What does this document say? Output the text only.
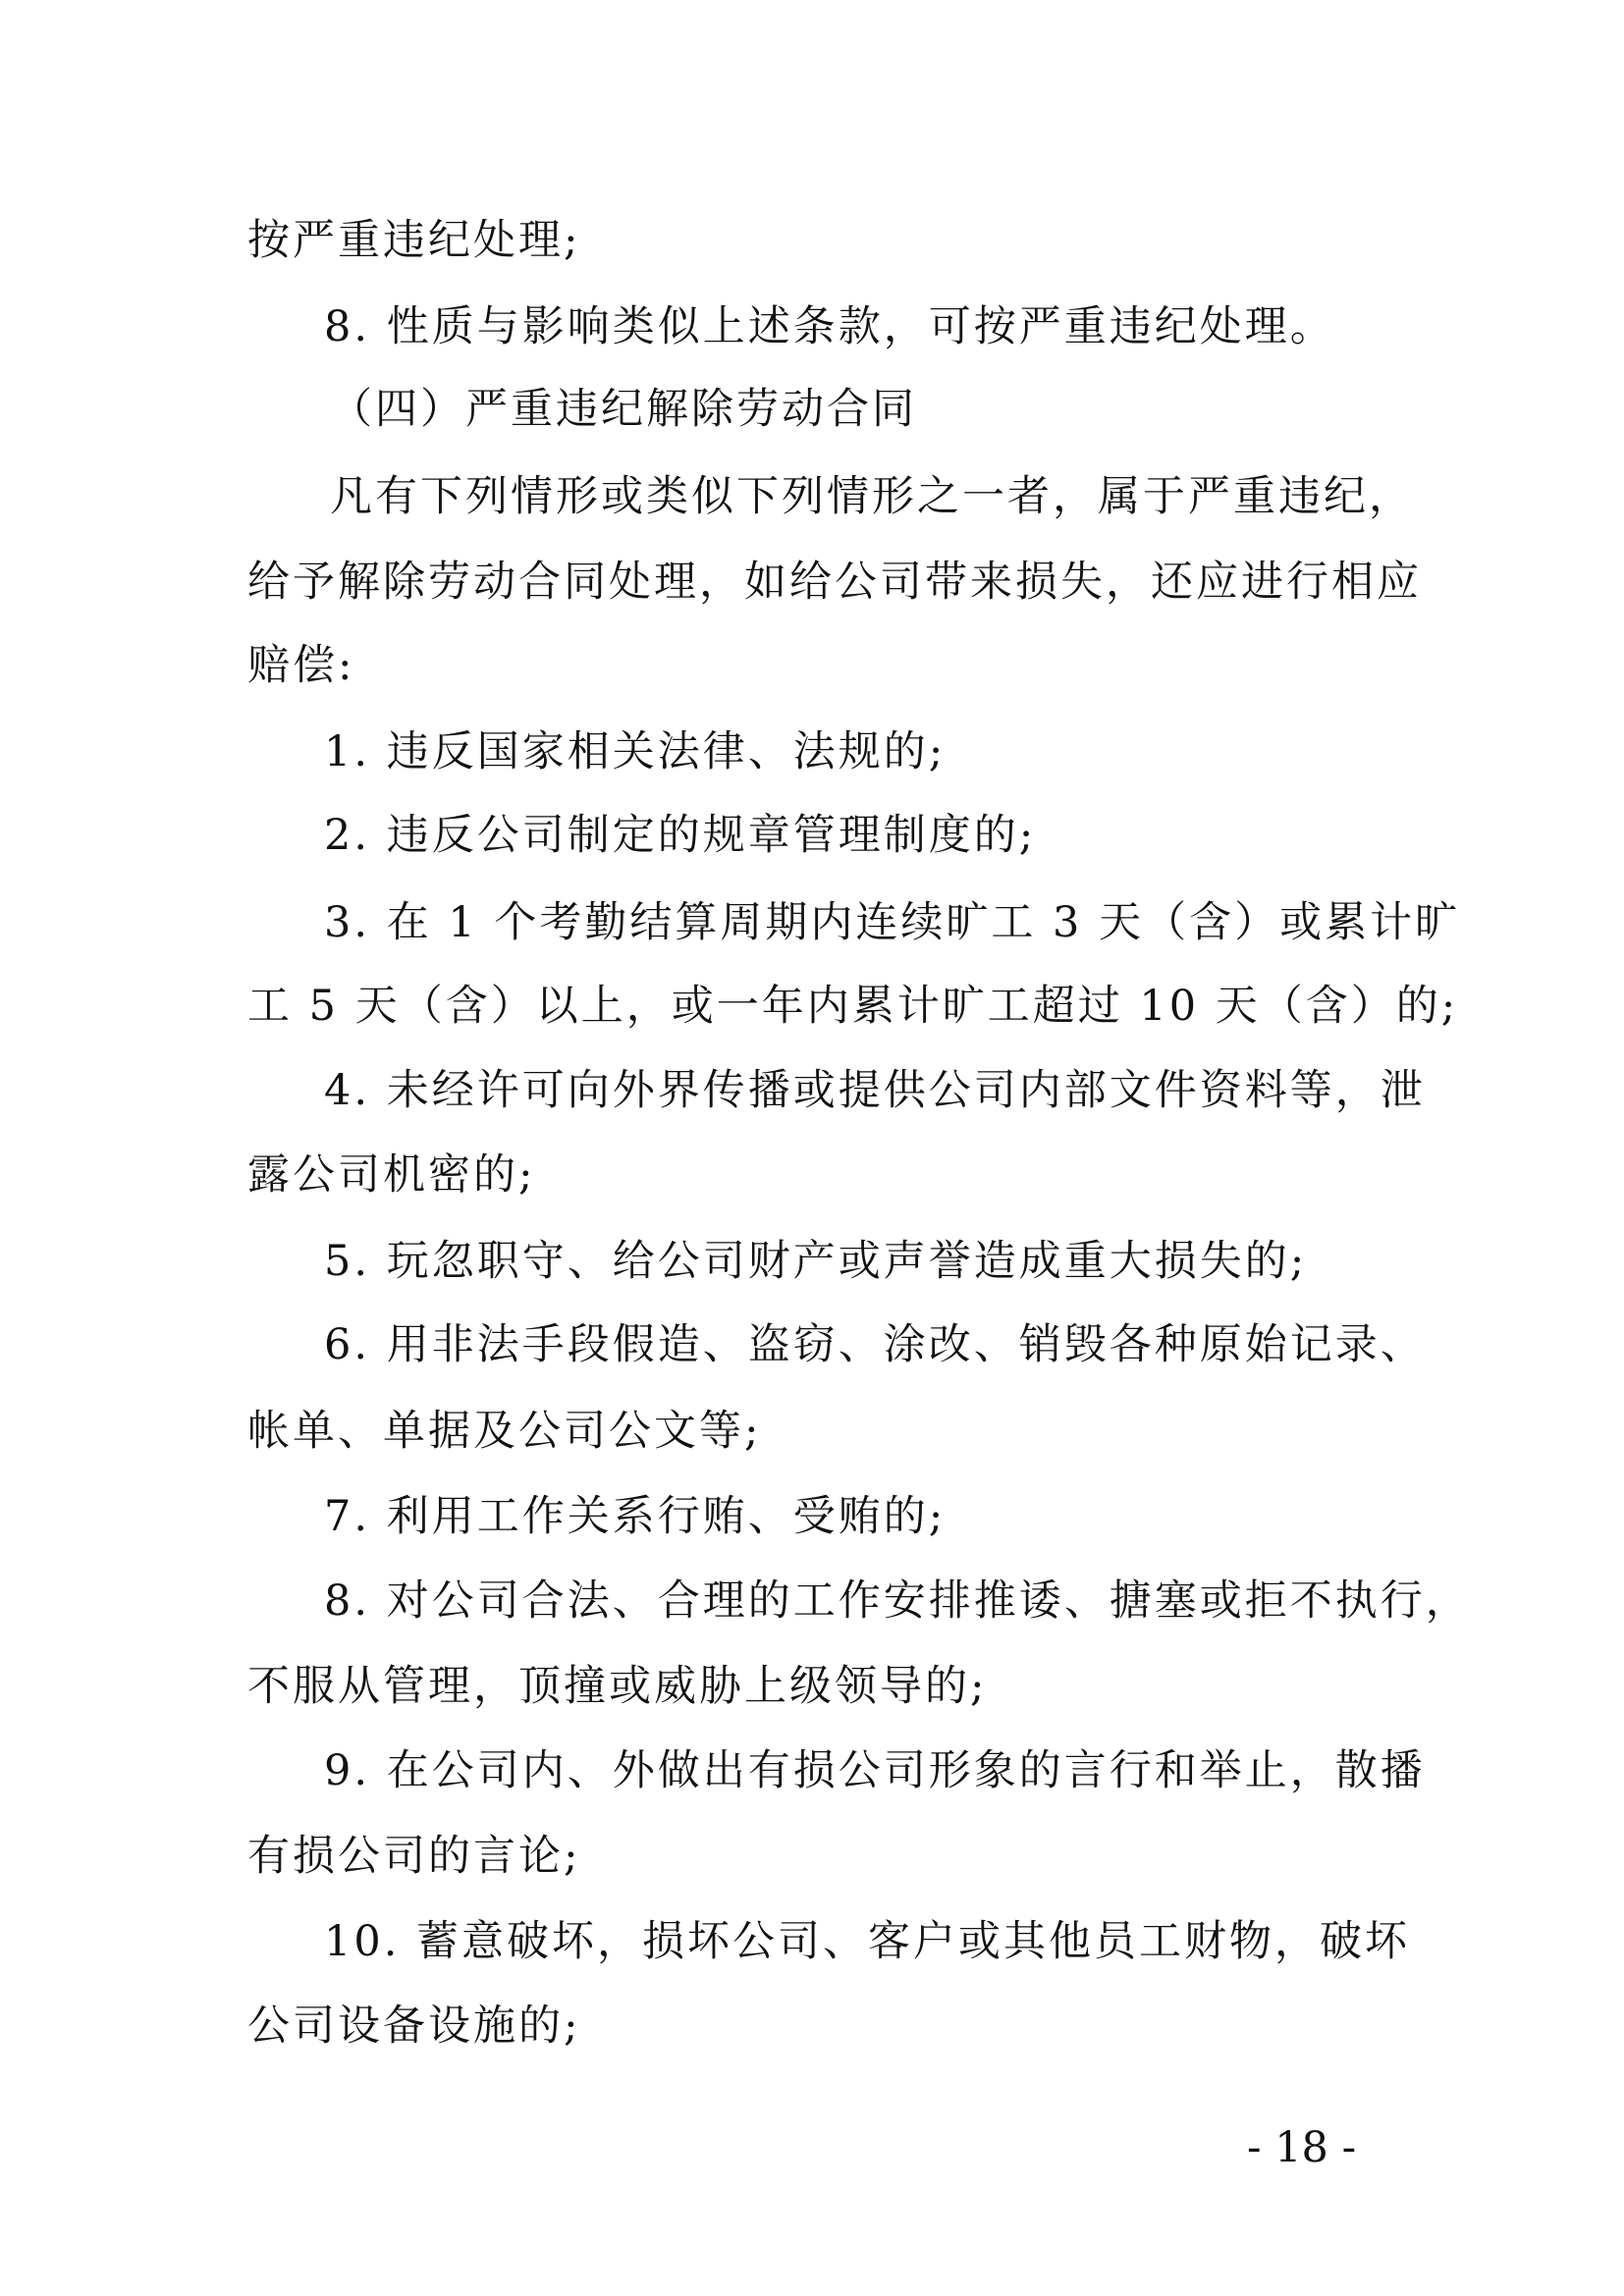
按严重违纪处理;
8. 性质与影响类似上述条款，可按严重违纪处理。
（四）严重违纪解除劳动合同
凡有下列情形或类似下列情形之一者，属于严重违纪，
给予解除劳动合同处理，如给公司带来损失，还应进行相应
赔偿:
1. 违反国家相关法律、法规的;
2. 违反公司制定的规章管理制度的;
3. 在 1 个考勤结算周期内连续旷工 3 天（含）或累计旷
工 5 天（含）以上，或一年内累计旷工超过 10 天（含）的;
4. 未经许可向外界传播或提供公司内部文件资料等，泄
露公司机密的;
5. 玩忽职守、给公司财产或声誉造成重大损失的;
6. 用非法手段假造、盗窃、涂改、销毁各种原始记录、
帐单、单据及公司公文等;
7. 利用工作关系行贿、受贿的;
8. 对公司合法、合理的工作安排推诿、搪塞或拒不执行，
不服从管理，顶撞或威胁上级领导的;
9. 在公司内、外做出有损公司形象的言行和举止，散播
有损公司的言论;
10. 蓄意破坏，损坏公司、客户或其他员工财物，破坏
公司设备设施的;
- 18 -
